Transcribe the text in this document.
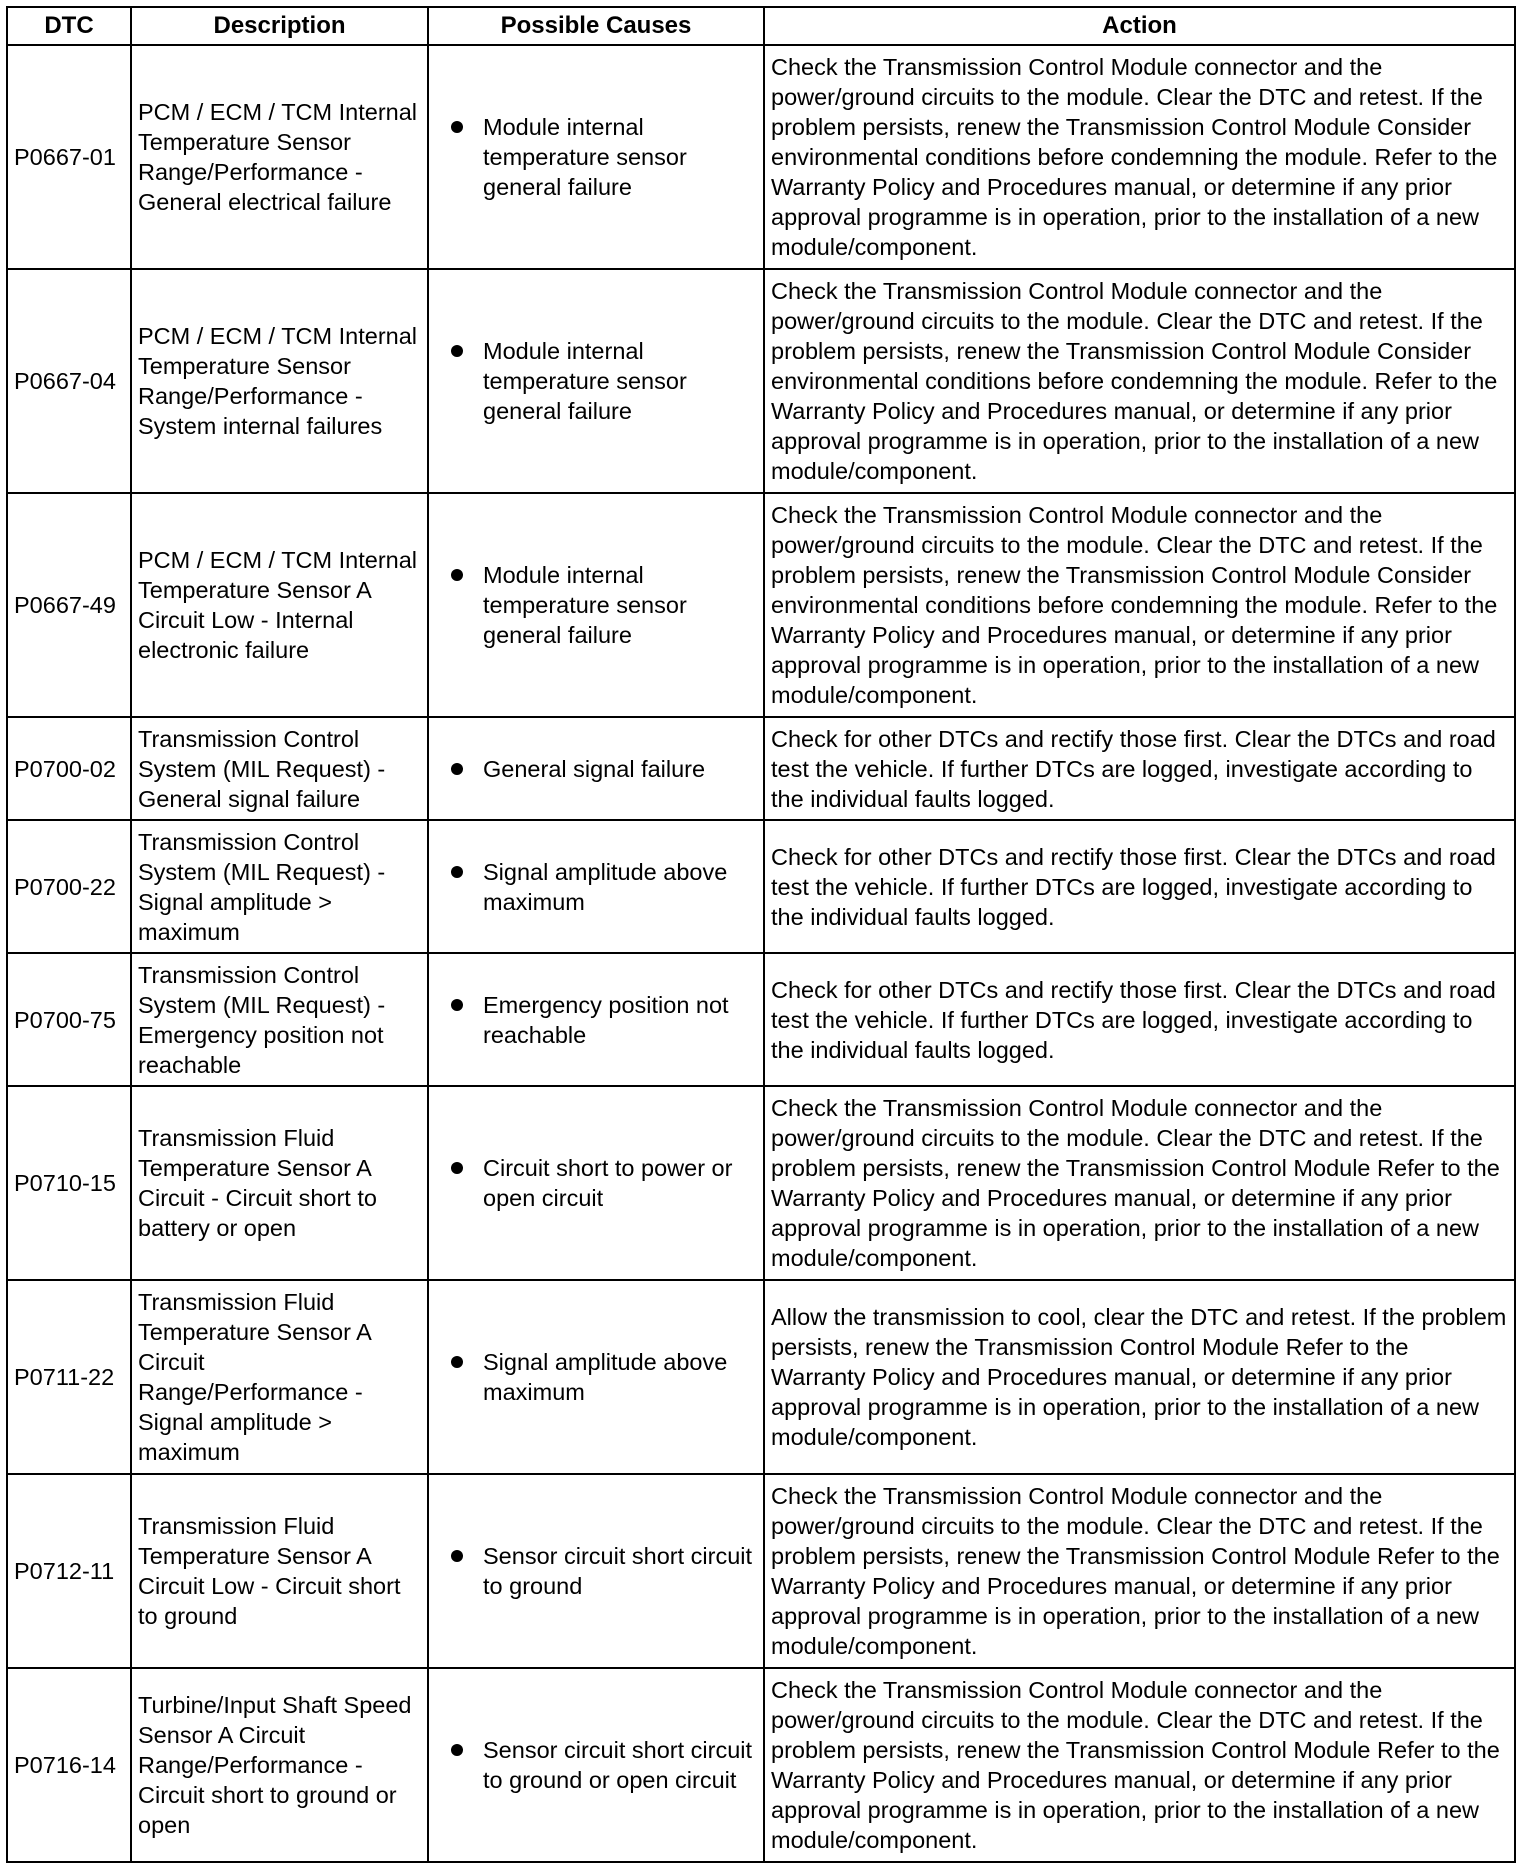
DTC	Description	Possible Causes	Action
P0667-01	PCM / ECM / TCM Internal Temperature Sensor Range/Performance - General electrical failure	Module internal temperature sensor general failure	Check the Transmission Control Module connector and the power/ground circuits to the module. Clear the DTC and retest. If the problem persists, renew the Transmission Control Module Consider environmental conditions before condemning the module. Refer to the Warranty Policy and Procedures manual, or determine if any prior approval programme is in operation, prior to the installation of a new module/component.
P0667-04	PCM / ECM / TCM Internal Temperature Sensor Range/Performance - System internal failures	Module internal temperature sensor general failure	Check the Transmission Control Module connector and the power/ground circuits to the module. Clear the DTC and retest. If the problem persists, renew the Transmission Control Module Consider environmental conditions before condemning the module. Refer to the Warranty Policy and Procedures manual, or determine if any prior approval programme is in operation, prior to the installation of a new module/component.
P0667-49	PCM / ECM / TCM Internal Temperature Sensor A Circuit Low - Internal electronic failure	Module internal temperature sensor general failure	Check the Transmission Control Module connector and the power/ground circuits to the module. Clear the DTC and retest. If the problem persists, renew the Transmission Control Module Consider environmental conditions before condemning the module. Refer to the Warranty Policy and Procedures manual, or determine if any prior approval programme is in operation, prior to the installation of a new module/component.
P0700-02	Transmission Control System (MIL Request) - General signal failure	General signal failure	Check for other DTCs and rectify those first. Clear the DTCs and road test the vehicle. If further DTCs are logged, investigate according to the individual faults logged.
P0700-22	Transmission Control System (MIL Request) - Signal amplitude > maximum	Signal amplitude above maximum	Check for other DTCs and rectify those first. Clear the DTCs and road test the vehicle. If further DTCs are logged, investigate according to the individual faults logged.
P0700-75	Transmission Control System (MIL Request) - Emergency position not reachable	Emergency position not reachable	Check for other DTCs and rectify those first. Clear the DTCs and road test the vehicle. If further DTCs are logged, investigate according to the individual faults logged.
P0710-15	Transmission Fluid Temperature Sensor A Circuit - Circuit short to battery or open	Circuit short to power or open circuit	Check the Transmission Control Module connector and the power/ground circuits to the module. Clear the DTC and retest. If the problem persists, renew the Transmission Control Module Refer to the Warranty Policy and Procedures manual, or determine if any prior approval programme is in operation, prior to the installation of a new module/component.
P0711-22	Transmission Fluid Temperature Sensor A Circuit Range/Performance - Signal amplitude > maximum	Signal amplitude above maximum	Allow the transmission to cool, clear the DTC and retest. If the problem persists, renew the Transmission Control Module Refer to the Warranty Policy and Procedures manual, or determine if any prior approval programme is in operation, prior to the installation of a new module/component.
P0712-11	Transmission Fluid Temperature Sensor A Circuit Low - Circuit short to ground	Sensor circuit short circuit to ground	Check the Transmission Control Module connector and the power/ground circuits to the module. Clear the DTC and retest. If the problem persists, renew the Transmission Control Module Refer to the Warranty Policy and Procedures manual, or determine if any prior approval programme is in operation, prior to the installation of a new module/component.
P0716-14	Turbine/Input Shaft Speed Sensor A Circuit Range/Performance - Circuit short to ground or open	Sensor circuit short circuit to ground or open circuit	Check the Transmission Control Module connector and the power/ground circuits to the module. Clear the DTC and retest. If the problem persists, renew the Transmission Control Module Refer to the Warranty Policy and Procedures manual, or determine if any prior approval programme is in operation, prior to the installation of a new module/component.
